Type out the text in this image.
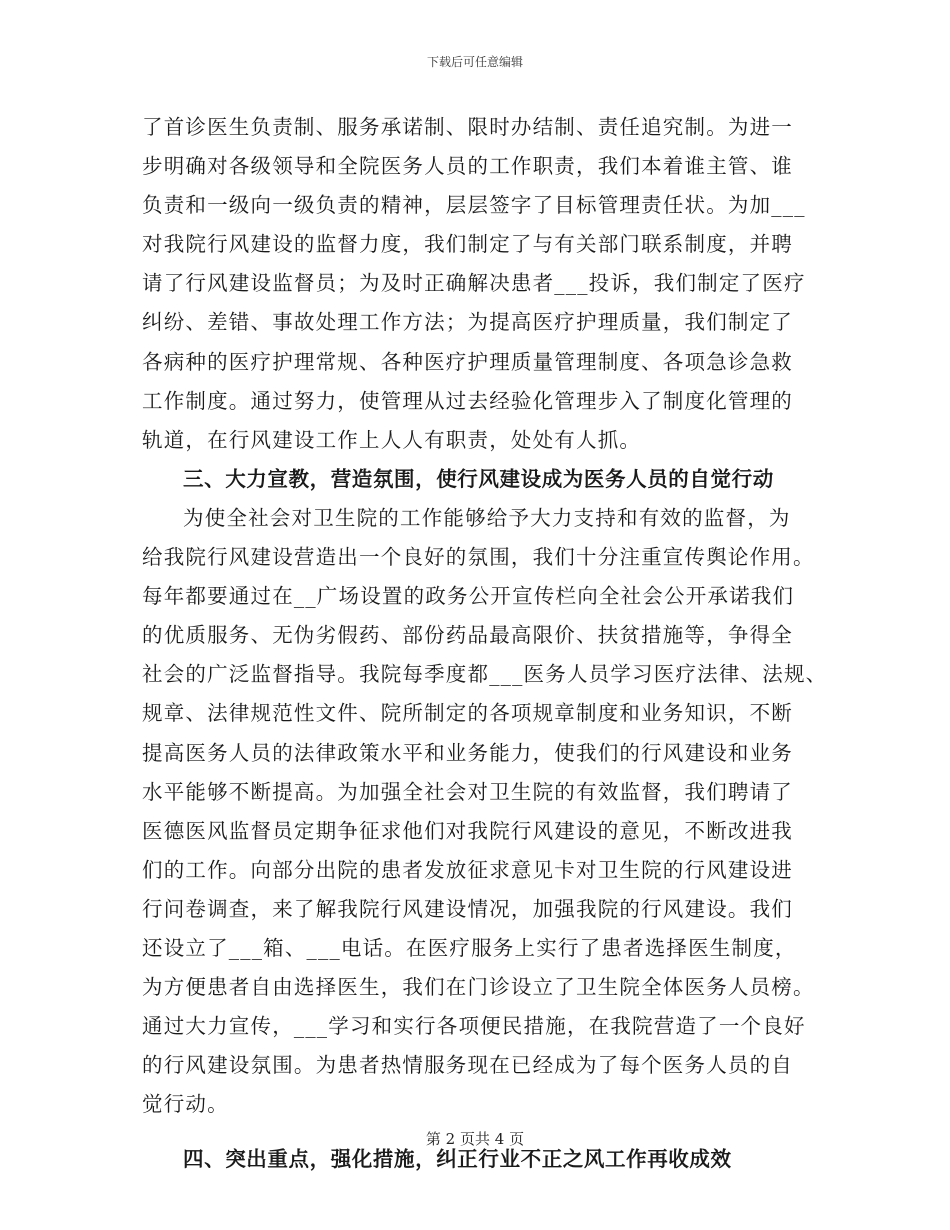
下载后可任意编辑
了首诊医生负责制、服务承诺制、限时办结制、责任追究制。为进一
步明确对各级领导和全院医务人员的工作职责，我们本着谁主管、谁
负责和一级向一级负责的精神，层层签字了目标管理责任状。为加___
对我院行风建设的监督力度，我们制定了与有关部门联系制度，并聘
请了行风建设监督员；为及时正确解决患者___投诉，我们制定了医疗
纠纷、差错、事故处理工作方法；为提高医疗护理质量，我们制定了
各病种的医疗护理常规、各种医疗护理质量管理制度、各项急诊急救
工作制度。通过努力，使管理从过去经验化管理步入了制度化管理的
轨道，在行风建设工作上人人有职责，处处有人抓。
三、大力宣教，营造氛围，使行风建设成为医务人员的自觉行动
为使全社会对卫生院的工作能够给予大力支持和有效的监督，为
给我院行风建设营造出一个良好的氛围，我们十分注重宣传舆论作用。
每年都要通过在__广场设置的政务公开宣传栏向全社会公开承诺我们
的优质服务、无伪劣假药、部份药品最高限价、扶贫措施等，争得全
社会的广泛监督指导。我院每季度都___医务人员学习医疗法律、法规、
规章、法律规范性文件、院所制定的各项规章制度和业务知识，不断
提高医务人员的法律政策水平和业务能力，使我们的行风建设和业务
水平能够不断提高。为加强全社会对卫生院的有效监督，我们聘请了
医德医风监督员定期争征求他们对我院行风建设的意见，不断改进我
们的工作。向部分出院的患者发放征求意见卡对卫生院的行风建设进
行问卷调查，来了解我院行风建设情况，加强我院的行风建设。我们
还设立了___箱、___电话。在医疗服务上实行了患者选择医生制度，
为方便患者自由选择医生，我们在门诊设立了卫生院全体医务人员榜。
通过大力宣传，___学习和实行各项便民措施，在我院营造了一个良好
的行风建设氛围。为患者热情服务现在已经成为了每个医务人员的自
觉行动。
四、突出重点，强化措施，纠正行业不正之风工作再收成效
第 2 页共 4 页
